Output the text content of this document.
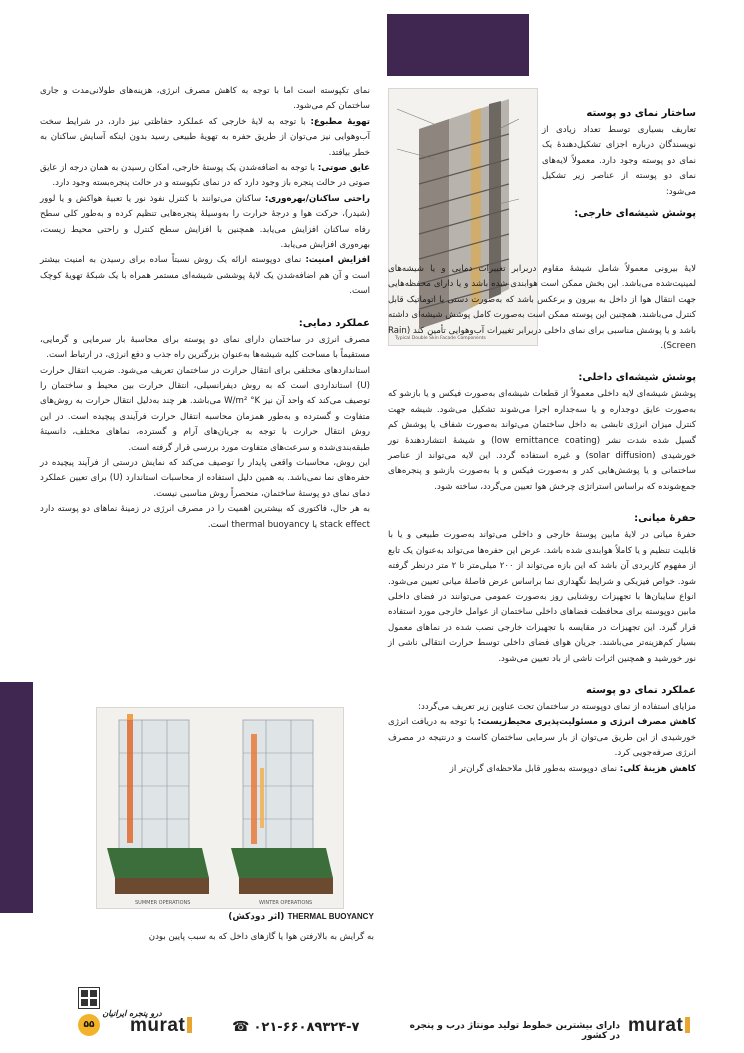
Typical Double Skin Facade Components
ساختار نمای دو پوسته

تعاریف بسیاری توسط تعداد زیادی از نویسندگان درباره اجزای تشکیل‌دهندهٔ یک نمای دو پوسته وجود دارد. معمولاً لایه‌های نمای دو پوسته از عناصر زیر تشکیل می‌شود:

پوشش شیشه‌ای خارجی:

لایهٔ بیرونی معمولاً شامل شیشهٔ مقاوم دربرابر تغییرات دمایی و یا شیشه‌های لمینیت‌شده می‌باشد. این بخش ممکن است هوابندی شده باشد و یا دارای محفظه‌هایی جهت انتقال هوا از داخل به بیرون و برعکس باشد که به‌صورت دستی یا اتوماتیک قابل کنترل می‌باشند. همچنین این پوسته ممکن است به‌صورت کامل پوشش شیشه‌ای داشته باشد و یا پوشش مناسبی برای نمای داخلی دربرابر تغییرات آب‌وهوایی تأمین کند (Rain Screen).

پوشش شیشه‌ای داخلی:

پوشش شیشه‌ای لایه داخلی معمولاً از قطعات شیشه‌ای به‌صورت فیکس و یا بازشو که به‌صورت عایق دوجداره و یا سه‌جداره اجرا می‌شوند تشکیل می‌شود. شیشه جهت کنترل میزان انرژی تابشی به داخل ساختمان می‌تواند به‌صورت شفاف یا پوشش کم گسیل شده شدت نشر (low emittance coating) و شیشهٔ انتشاردهندهٔ نور خورشیدی (solar diffusion) و غیره استفاده گردد. این لایه می‌تواند از عناصر ساختمانی و یا پوشش‌هایی کدر و به‌صورت فیکس و یا به‌صورت بازشو و پنجره‌های جمع‌شونده که براساس استراتژی چرخش هوا تعیین می‌گردد، ساخته شود.

حفرهٔ میانی:

حفرهٔ میانی در لایهٔ مابین پوستهٔ خارجی و داخلی می‌تواند به‌صورت طبیعی و یا با قابلیت تنظیم و یا کاملاً هوابندی شده باشد. عرض این حفره‌ها می‌تواند به‌عنوان یک تابع از مفهوم کاربردی آن باشد که این بازه می‌تواند از ۲۰۰ میلی‌متر تا ۲ متر درنظر گرفته شود. خواص فیزیکی و شرایط نگهداری نما براساس عرض فاصلهٔ میانی تعیین می‌شود. انواع سایبان‌ها با تجهیزات روشنایی روز به‌صورت عمومی می‌توانند در فضای داخلی مابین دوپوسته برای محافظت فضاهای داخلی ساختمان از عوامل خارجی مورد استفاده قرار گیرد. این تجهیزات در مقایسه با تجهیزات خارجی نصب شده در نماهای معمول بسیار کم‌هزینه‌تر می‌باشند. جریان هوای فضای داخلی توسط حرارت انتقالی ناشی از نور خورشید و همچنین اثرات ناشی از باد تعیین می‌شود.

عملکرد نمای دو پوسته

مزایای استفاده از نمای دوپوسته در ساختمان تحت عناوین زیر تعریف می‌گردد:

کاهش مصرف انرژی و مسئولیت‌پذیری محیط‌زیست: با توجه به دریافت انرژی خورشیدی از این طریق می‌توان از بار سرمایی ساختمان کاست و درنتیجه در مصرف انرژی صرفه‌جویی کرد.

کاهش هزینهٔ کلی: نمای دوپوسته به‌طور قابل ملاحظه‌ای گران‌تر از

نمای تکپوسته است اما با توجه به کاهش مصرف انرژی، هزینه‌های طولانی‌مدت و جاری ساختمان کم می‌شود.

تهویهٔ مطبوع: با توجه به لایهٔ خارجی که عملکرد حفاظتی نیز دارد، در شرایط سخت آب‌وهوایی نیز می‌توان از طریق حفره به تهویهٔ طبیعی رسید بدون اینکه آسایش ساکنان به خطر بیافتد.

عایق صوتی: با توجه به اضافه‌شدن یک پوستهٔ خارجی، امکان رسیدن به همان درجه از عایق صوتی در حالت پنجره باز وجود دارد که در نمای تکپوسته و در حالت پنجره‌بسته وجود دارد.

راحتی ساکنان/بهره‌وری: ساکنان می‌توانند با کنترل نفوذ نور یا تعبیهٔ هواکش و یا لوور (شیدر)، حرکت هوا و درجهٔ حرارت را به‌وسیلهٔ پنجره‌هایی تنظیم کرده و به‌طور کلی سطح رفاه ساکنان افزایش می‌یابد. همچنین با افزایش سطح کنترل و راحتی محیط زیست، بهره‌وری افزایش می‌یابد.

افزایش امنیت: نمای دوپوسته ارائه یک روش نسبتاً ساده برای رسیدن به امنیت بیشتر است و آن هم اضافه‌شدن یک لایهٔ پوششی شیشه‌ای مستمر همراه با یک شبکهٔ تهویهٔ کوچک است.

عملکرد دمایی:

مصرف انرژی در ساختمان دارای نمای دو پوسته برای محاسبهٔ بار سرمایی و گرمایی، مستقیماً با مساحت کلیه شیشه‌ها به‌عنوان بزرگترین راه جذب و دفع انرژی، در ارتباط است.

استانداردهای مختلفی برای انتقال حرارت در ساختمان تعریف می‌شود. ضریب انتقال حرارت (U) استانداردی است که به روش دیفرانسیلی، انتقال حرارت بین محیط و ساختمان را توصیف می‌کند که واحد آن نیز W/m² °K می‌باشد. هر چند به‌دلیل انتقال حرارت به روش‌های متفاوت و گسترده و به‌طور همزمان محاسبه انتقال حرارت فرآیندی پیچیده است. در این روش انتقال حرارت با توجه به جریان‌های آرام و گسترده، نماهای مختلف، دانسیتهٔ طبقه‌بندی‌شده و سرعت‌های متفاوت مورد بررسی قرار گرفته است.

این روش، محاسبات واقعی پایدار را توصیف می‌کند که نمایش درستی از فرآیند پیچیده در حفره‌های نما نمی‌باشد. به همین دلیل استفاده از محاسبات استاندارد (U) برای تعیین عملکرد دمای نمای دو پوستهٔ ساختمان، منحصراً روش مناسبی نیست.

به هر حال، فاکتوری که بیشترین اهمیت را در مصرف انرژی در زمینهٔ نماهای دو پوسته دارد stack effect یا thermal buoyancy است.

SUMMER OPERATIONS	WINTER OPERATIONS
THERMAL BUOYANCY (اثر دودکش)

به گرایش به بالارفتن هوا یا گازهای داخل که به سبب پایین بودن

درو پنجره ایرانیان
murat	☎ ۰۲۱-۶۶۰۸۹۳۲۴-۷	دارای بیشترین خطوط تولید مونتاژ درب و پنجره در کشور murat
۵۵
